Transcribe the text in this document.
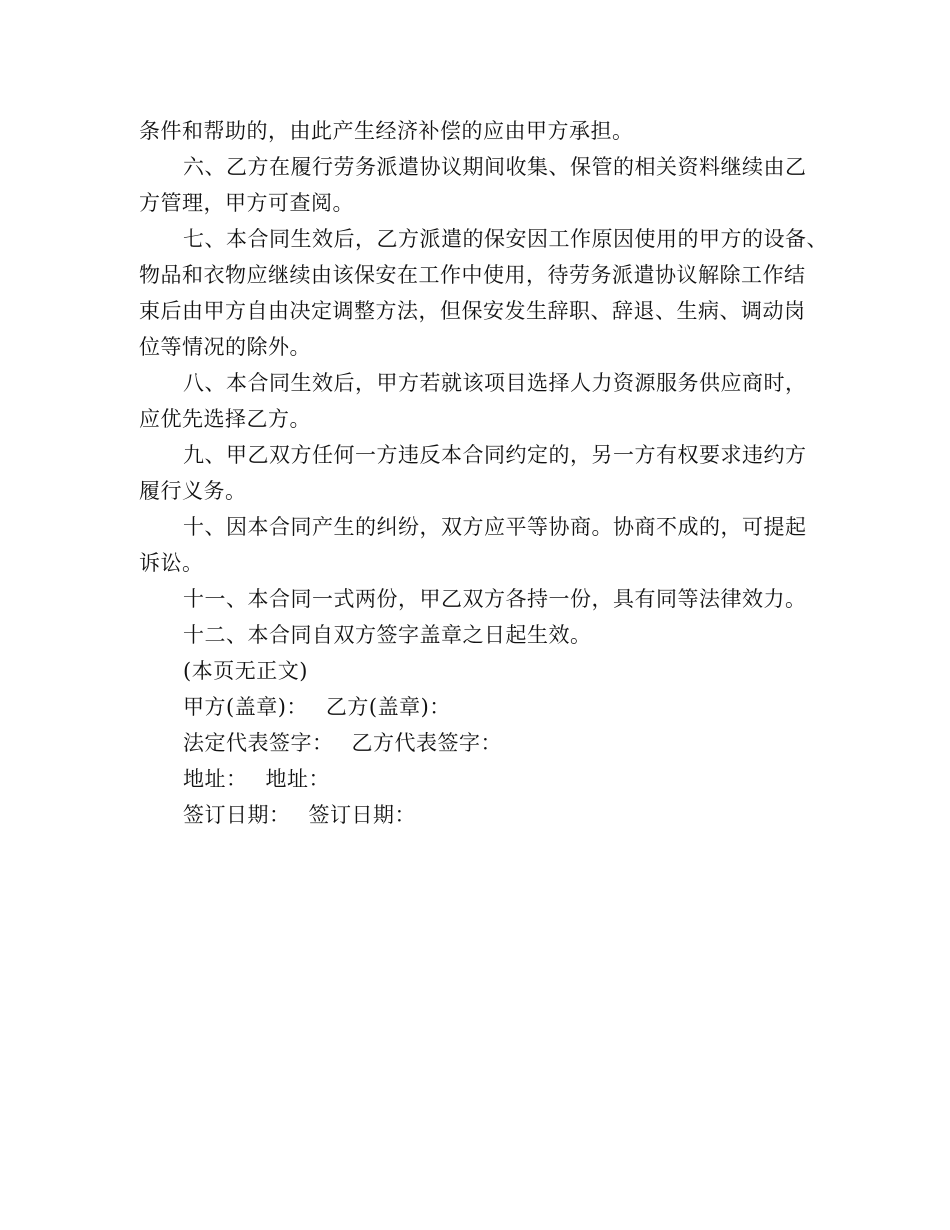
条件和帮助的，由此产生经济补偿的应由甲方承担。
六、乙方在履行劳务派遣协议期间收集、保管的相关资料继续由乙
方管理，甲方可查阅。
七、本合同生效后，乙方派遣的保安因工作原因使用的甲方的设备、
物品和衣物应继续由该保安在工作中使用，待劳务派遣协议解除工作结
束后由甲方自由决定调整方法，但保安发生辞职、辞退、生病、调动岗
位等情况的除外。
八、本合同生效后，甲方若就该项目选择人力资源服务供应商时，
应优先选择乙方。
九、甲乙双方任何一方违反本合同约定的，另一方有权要求违约方
履行义务。
十、因本合同产生的纠纷，双方应平等协商。协商不成的，可提起
诉讼。
十一、本合同一式两份，甲乙双方各持一份，具有同等法律效力。
十二、本合同自双方签字盖章之日起生效。
(本页无正文)
甲方(盖章)： 乙方(盖章)：
法定代表签字： 乙方代表签字：
地址： 地址：
签订日期： 签订日期：
